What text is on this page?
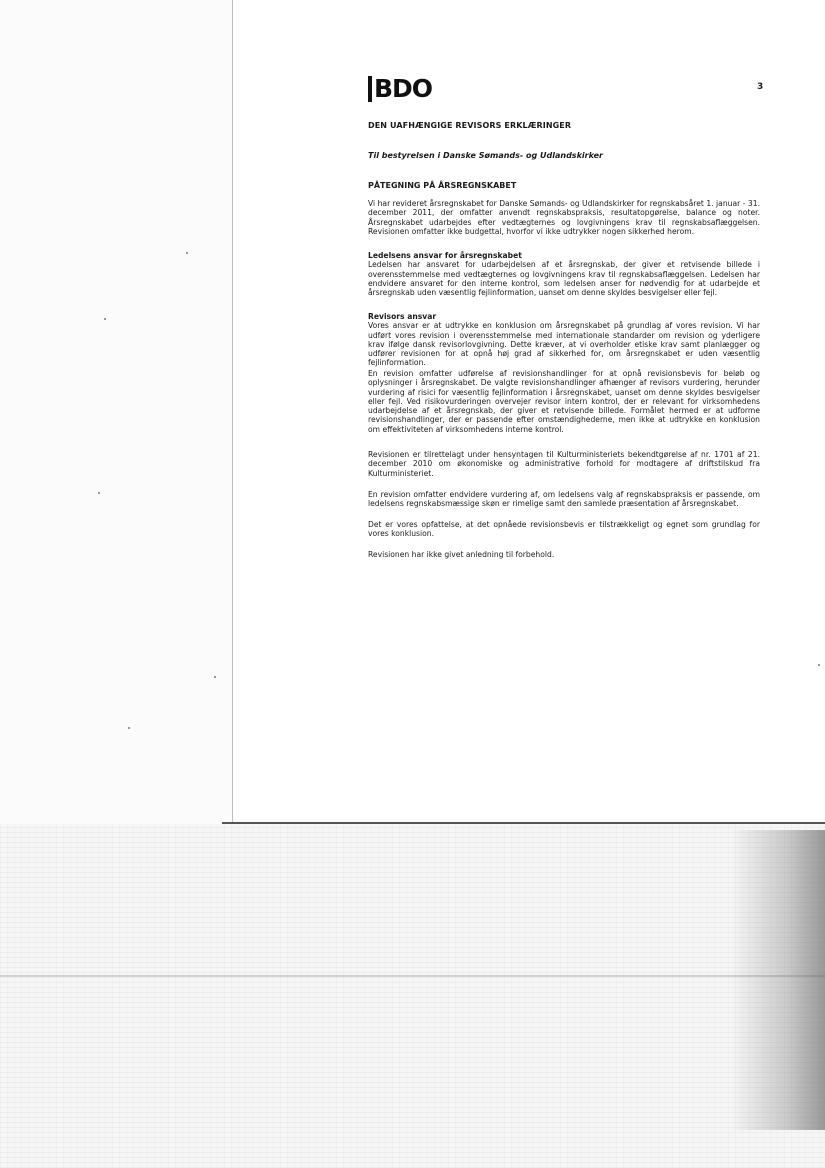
BDO	3
DEN UAFHÆNGIGE REVISORS ERKLÆRINGER
Til bestyrelsen i Danske Sømands- og Udlandskirker
PÅTEGNING PÅ ÅRSREGNSKABET
Vi har revideret årsregnskabet for Danske Sømands- og Udlandskirker for regnskabsåret 1. januar - 31. december 2011, der omfatter anvendt regnskabspraksis, resultatopgørelse, balance og noter. Årsregnskabet udarbejdes efter vedtægternes og lovgivningens krav til regnskabsaflæggelsen. Revisionen omfatter ikke budgettal, hvorfor vi ikke udtrykker nogen sikkerhed herom.
Ledelsens ansvar for årsregnskabet
Ledelsen har ansvaret for udarbejdelsen af et årsregnskab, der giver et retvisende billede i overensstemmelse med vedtægternes og lovgivningens krav til regnskabsaflæggelsen. Ledelsen har endvidere ansvaret for den interne kontrol, som ledelsen anser for nødvendig for at udarbejde et årsregnskab uden væsentlig fejlinformation, uanset om denne skyldes besvigelser eller fejl.
Revisors ansvar
Vores ansvar er at udtrykke en konklusion om årsregnskabet på grundlag af vores revision. Vi har udført vores revision i overensstemmelse med internationale standarder om revision og yderligere krav ifølge dansk revisorlovgivning. Dette kræver, at vi overholder etiske krav samt planlægger og udfører revisionen for at opnå høj grad af sikkerhed for, om årsregnskabet er uden væsentlig fejlinformation.
En revision omfatter udførelse af revisionshandlinger for at opnå revisionsbevis for beløb og oplysninger i årsregnskabet. De valgte revisionshandlinger afhænger af revisors vurdering, herunder vurdering af risici for væsentlig fejlinformation i årsregnskabet, uanset om denne skyldes besvigelser eller fejl. Ved risikovurderingen overvejer revisor intern kontrol, der er relevant for virksomhedens udarbejdelse af et årsregnskab, der giver et retvisende billede. Formålet hermed er at udforme revisionshandlinger, der er passende efter omstændighederne, men ikke at udtrykke en konklusion om effektiviteten af virksomhedens interne kontrol.
Revisionen er tilrettelagt under hensyntagen til Kulturministeriets bekendtgørelse af nr. 1701 af 21. december 2010 om økonomiske og administrative forhold for modtagere af driftstilskud fra Kulturministeriet.
En revision omfatter endvidere vurdering af, om ledelsens valg af regnskabspraksis er passende, om ledelsens regnskabsmæssige skøn er rimelige samt den samlede præsentation af årsregnskabet.
Det er vores opfattelse, at det opnåede revisionsbevis er tilstrækkeligt og egnet som grundlag for vores konklusion.
Revisionen har ikke givet anledning til forbehold.
